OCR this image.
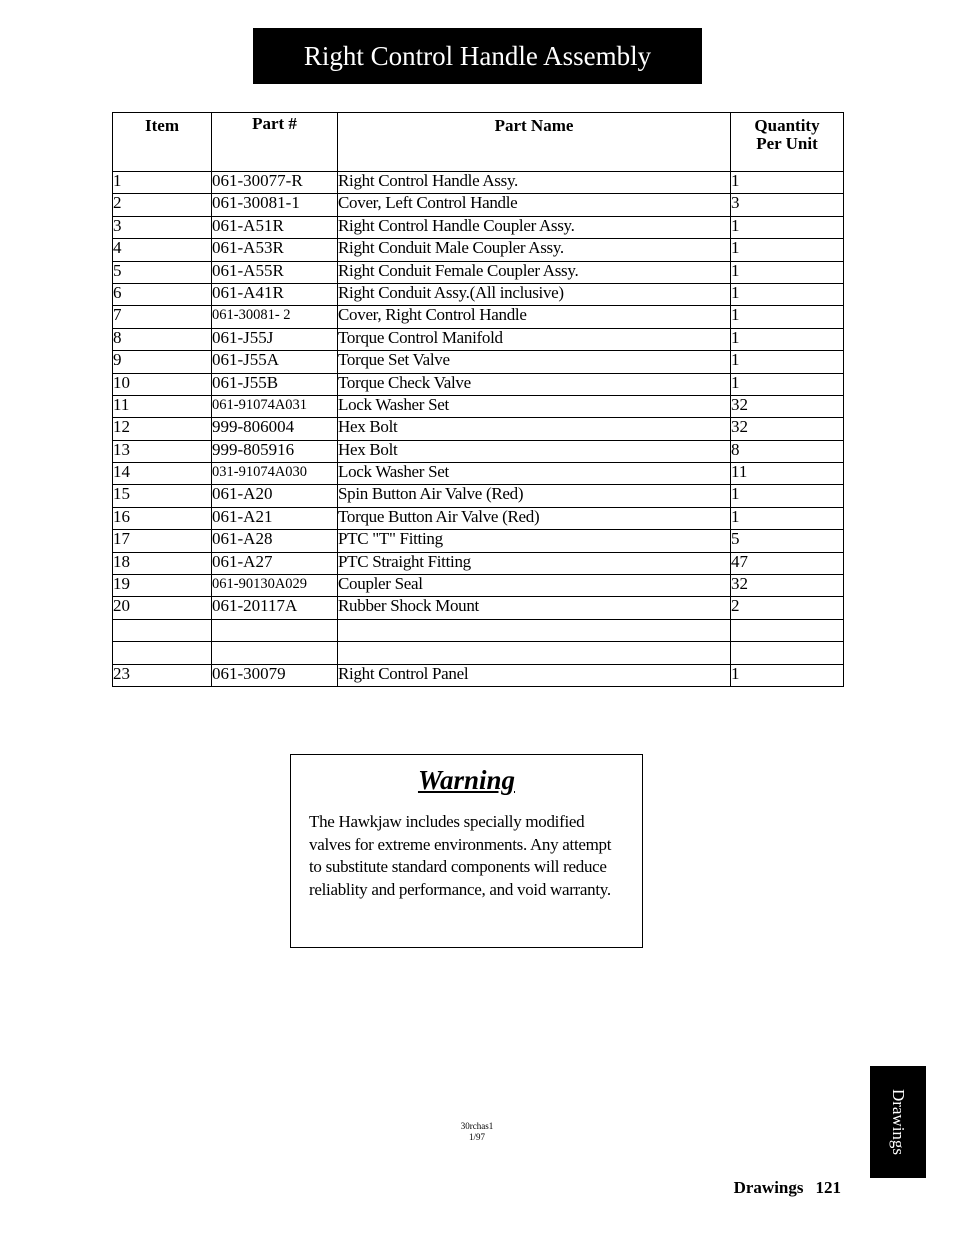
Right Control Handle Assembly
Item	Part #	Part Name	Quantity
Per Unit

1	061-30077-R	Right Control Handle Assy.	1
2	061-30081-1	Cover, Left Control Handle	3
3	061-A51R	Right Control Handle Coupler Assy.	1
4	061-A53R	Right Conduit Male Coupler Assy.	1
5	061-A55R	Right Conduit Female Coupler Assy.	1
6	061-A41R	Right Conduit Assy.(All inclusive)	1
7	061-30081- 2	Cover, Right Control Handle	1
8	061-J55J	Torque Control Manifold	1
9	061-J55A	Torque Set Valve	1
10	061-J55B	Torque Check Valve	1
11	061-91074A031	Lock Washer Set	32
12	999-806004	Hex Bolt	32
13	999-805916	Hex Bolt	8
14	031-91074A030	Lock Washer Set	11
15	061-A20	Spin Button Air Valve (Red)	1
16	061-A21	Torque Button Air Valve (Red)	1
17	061-A28	PTC "T" Fitting	5
18	061-A27	PTC Straight Fitting	47
19	061-90130A029	Coupler Seal	32
20	061-20117A	Rubber Shock Mount	2

23	061-30079	Right Control Panel	1
Warning
The Hawkjaw includes specially modified
valves for extreme environments. Any attempt
to substitute standard components will reduce
reliablity and performance, and void warranty.
30rchas1
1/97	Drawings
Drawings 121
